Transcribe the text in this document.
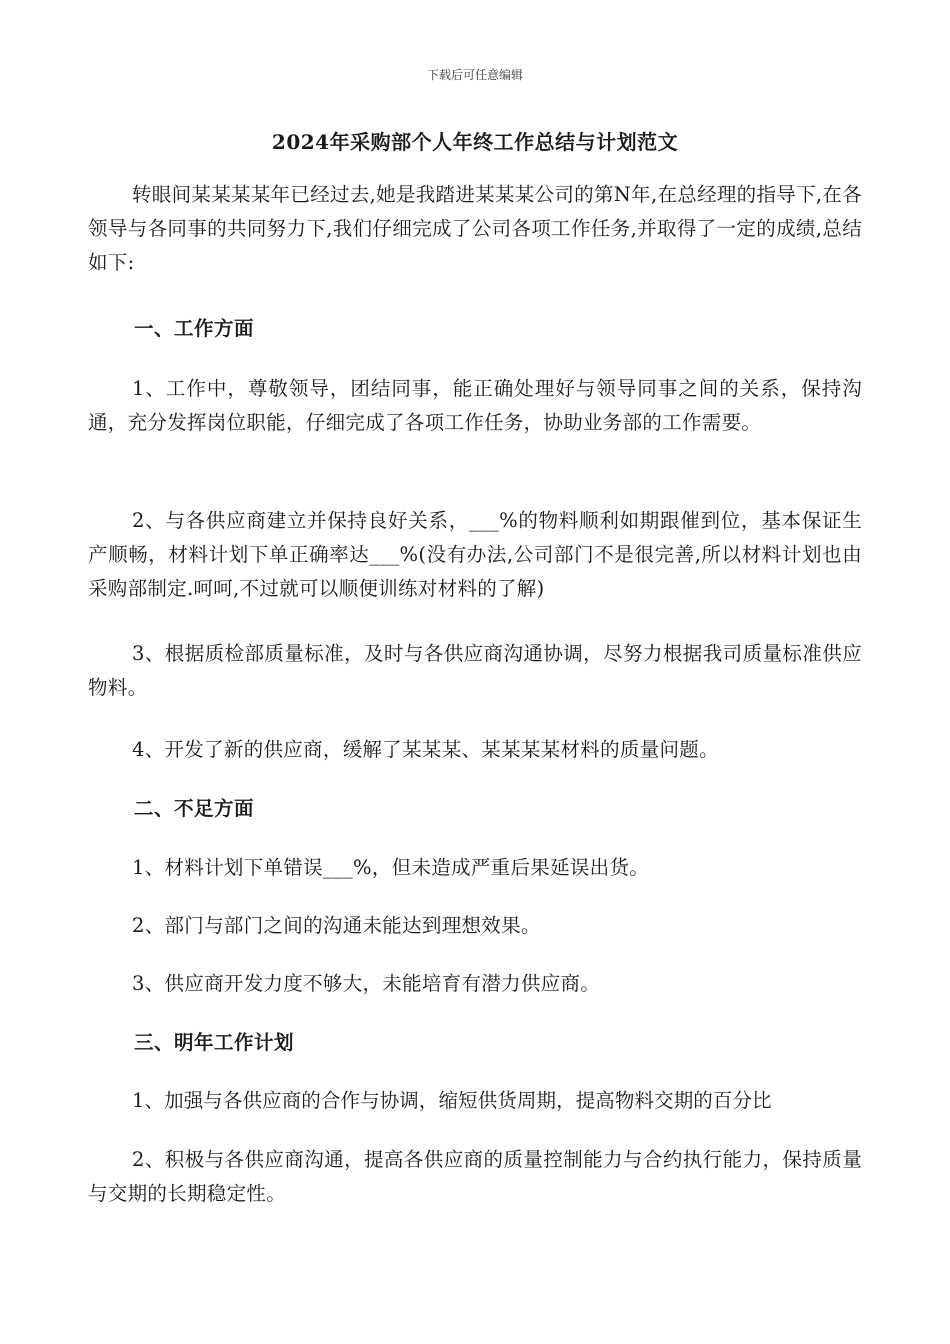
下载后可任意编辑
2024年采购部个人年终工作总结与计划范文

转眼间某某某某年已经过去,她是我踏进某某某公司的第N年,在总经理的指导下,在各领导与各同事的共同努力下,我们仔细完成了公司各项工作任务,并取得了一定的成绩,总结如下:

一、工作方面

1、工作中，尊敬领导，团结同事，能正确处理好与领导同事之间的关系，保持沟通，充分发挥岗位职能，仔细完成了各项工作任务，协助业务部的工作需要。

2、与各供应商建立并保持良好关系，___%的物料顺利如期跟催到位，基本保证生产顺畅，材料计划下单正确率达___%(没有办法,公司部门不是很完善,所以材料计划也由采购部制定.呵呵,不过就可以顺便训练对材料的了解)

3、根据质检部质量标准，及时与各供应商沟通协调，尽努力根据我司质量标准供应物料。

4、开发了新的供应商，缓解了某某某、某某某某材料的质量问题。

二、不足方面

1、材料计划下单错误___%，但未造成严重后果延误出货。

2、部门与部门之间的沟通未能达到理想效果。

3、供应商开发力度不够大，未能培育有潜力供应商。

三、明年工作计划

1、加强与各供应商的合作与协调，缩短供货周期，提高物料交期的百分比

2、积极与各供应商沟通，提高各供应商的质量控制能力与合约执行能力，保持质量与交期的长期稳定性。
